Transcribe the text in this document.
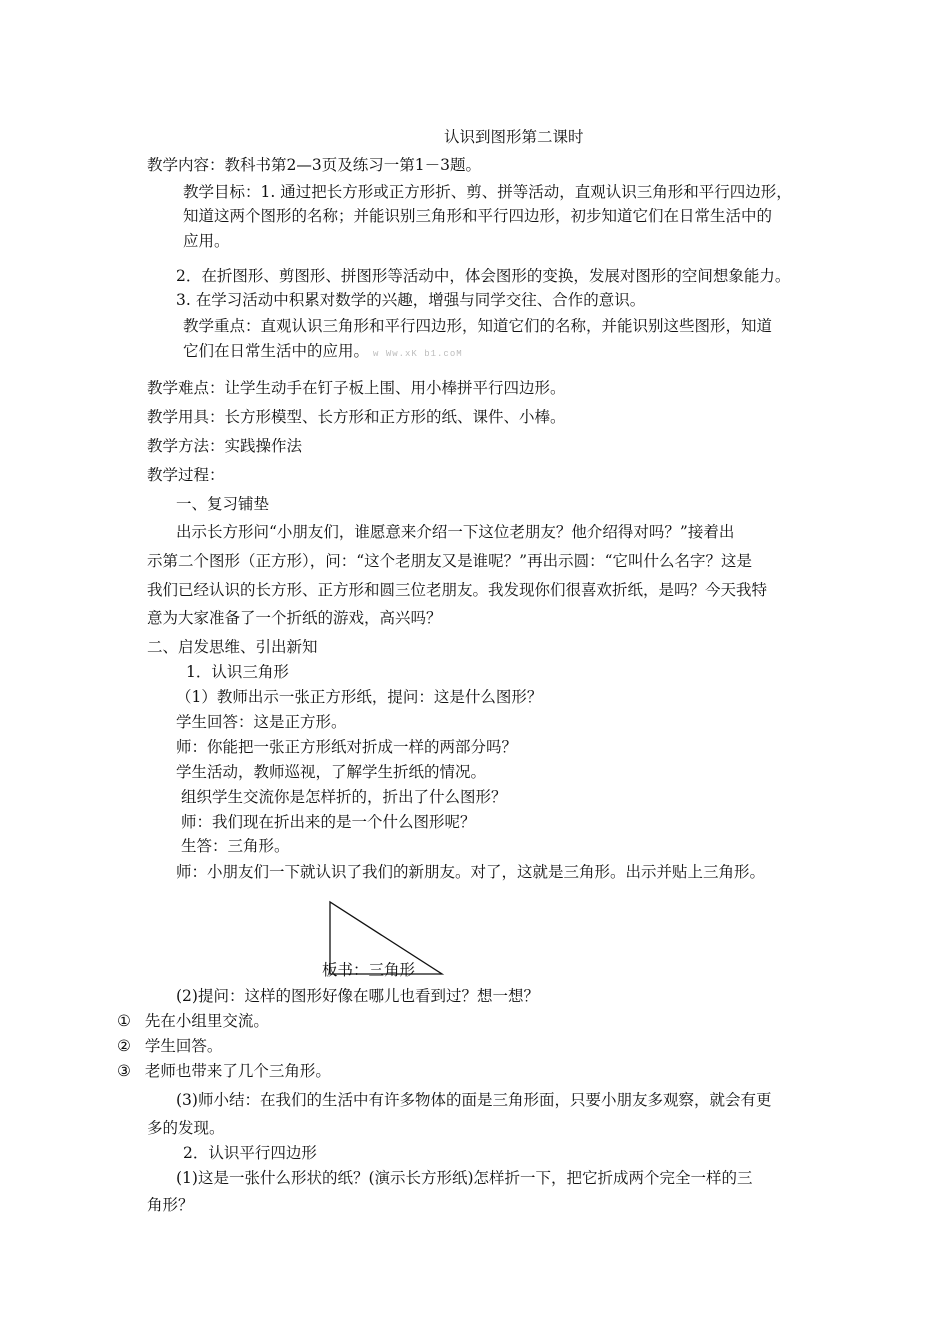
认识到图形第二课时
教学内容：教科书第2—3页及练习一第1－3题。
教学目标：1. 通过把长方形或正方形折、剪、拼等活动，直观认识三角形和平行四边形，
知道这两个图形的名称；并能识别三角形和平行四边形，初步知道它们在日常生活中的
应用。
2．在折图形、剪图形、拼图形等活动中，体会图形的变换，发展对图形的空间想象能力。
3. 在学习活动中积累对数学的兴趣，增强与同学交往、合作的意识。
教学重点：直观认识三角形和平行四边形，知道它们的名称，并能识别这些图形，知道
它们在日常生活中的应用。 w Ww.xK b1.coM
教学难点：让学生动手在钉子板上围、用小棒拼平行四边形。
教学用具：长方形模型、长方形和正方形的纸、课件、小棒。
教学方法：实践操作法
教学过程：
一、复习铺垫
出示长方形问“小朋友们，谁愿意来介绍一下这位老朋友？他介绍得对吗？”接着出
示第二个图形（正方形），问：“这个老朋友又是谁呢？”再出示圆：“它叫什么名字？这是
我们已经认识的长方形、正方形和圆三位老朋友。我发现你们很喜欢折纸，是吗？今天我特
意为大家准备了一个折纸的游戏，高兴吗？
二、启发思维、引出新知
1．认识三角形
（1）教师出示一张正方形纸，提问：这是什么图形？
学生回答：这是正方形。
师：你能把一张正方形纸对折成一样的两部分吗？
学生活动，教师巡视，了解学生折纸的情况。
组织学生交流你是怎样折的，折出了什么图形？
师：我们现在折出来的是一个什么图形呢？
生答：三角形。
师：小朋友们一下就认识了我们的新朋友。对了，这就是三角形。出示并贴上三角形。
板书：三角形
(2)提问：这样的图形好像在哪儿也看到过？想一想？
① 先在小组里交流。
② 学生回答。
③ 老师也带来了几个三角形。
(3)师小结：在我们的生活中有许多物体的面是三角形面，只要小朋友多观察，就会有更
多的发现。
2．认识平行四边形
(1)这是一张什么形状的纸？(演示长方形纸)怎样折一下，把它折成两个完全一样的三
角形？
